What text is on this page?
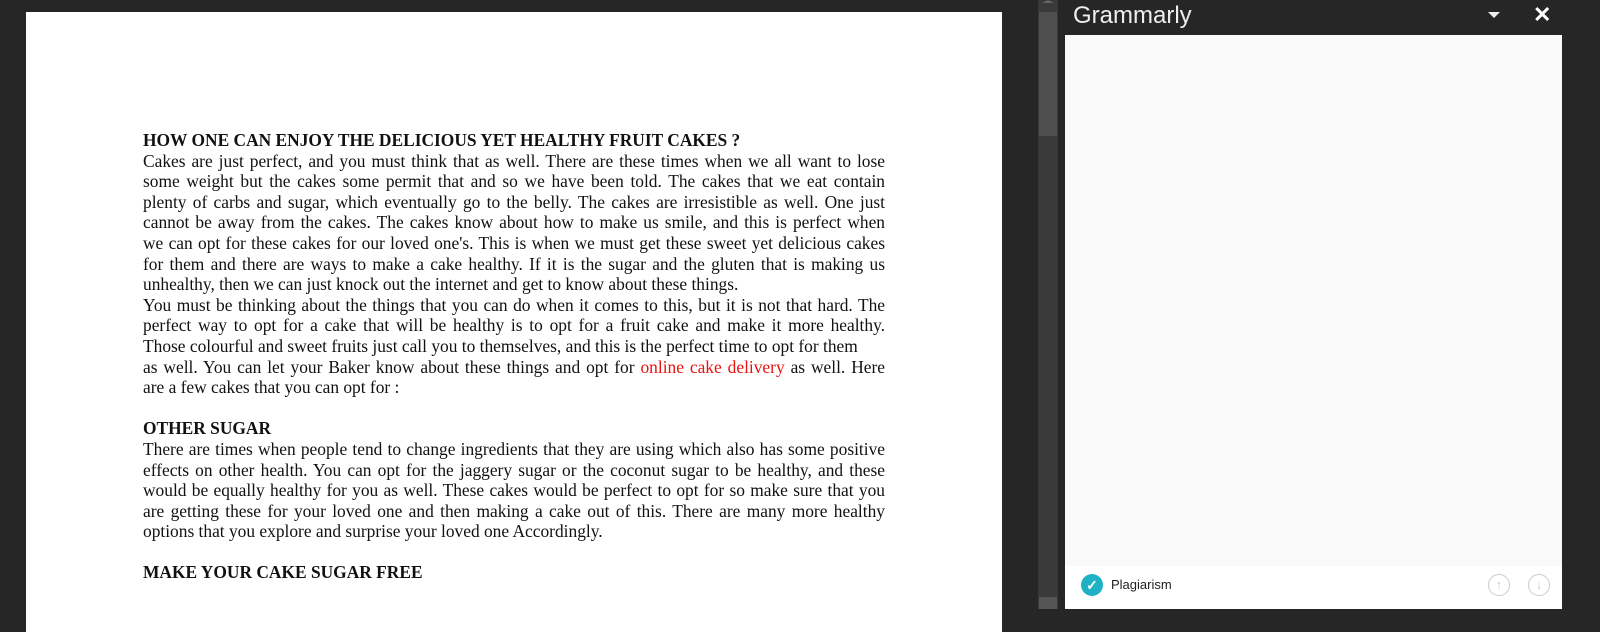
HOW ONE CAN ENJOY THE DELICIOUS YET HEALTHY FRUIT CAKES ?
Cakes are just perfect, and you must think that as well. There are these times when we all want to lose
some weight but the cakes some permit that and so we have been told. The cakes that we eat contain
plenty of carbs and sugar, which eventually go to the belly. The cakes are irresistible as well. One just
cannot be away from the cakes. The cakes know about how to make us smile, and this is perfect when
we can opt for these cakes for our loved one's. This is when we must get these sweet yet delicious cakes
for them and there are ways to make a cake healthy. If it is the sugar and the gluten that is making us
unhealthy, then we can just knock out the internet and get to know about these things.
You must be thinking about the things that you can do when it comes to this, but it is not that hard. The
perfect way to opt for a cake that will be healthy is to opt for a fruit cake and make it more healthy.
Those colourful and sweet fruits just call you to themselves, and this is the perfect time to opt for them
as well. You can let your Baker know about these things and opt for online cake delivery as well. Here
are a few cakes that you can opt for :
OTHER SUGAR
There are times when people tend to change ingredients that they are using which also has some positive
effects on other health. You can opt for the jaggery sugar or the coconut sugar to be healthy, and these
would be equally healthy for you as well. These cakes would be perfect to opt for so make sure that you
are getting these for your loved one and then making a cake out of this. There are many more healthy
options that you explore and surprise your loved one Accordingly.
MAKE YOUR CAKE SUGAR FREE
Grammarly	✕
✓	Plagiarism	↑	↓
